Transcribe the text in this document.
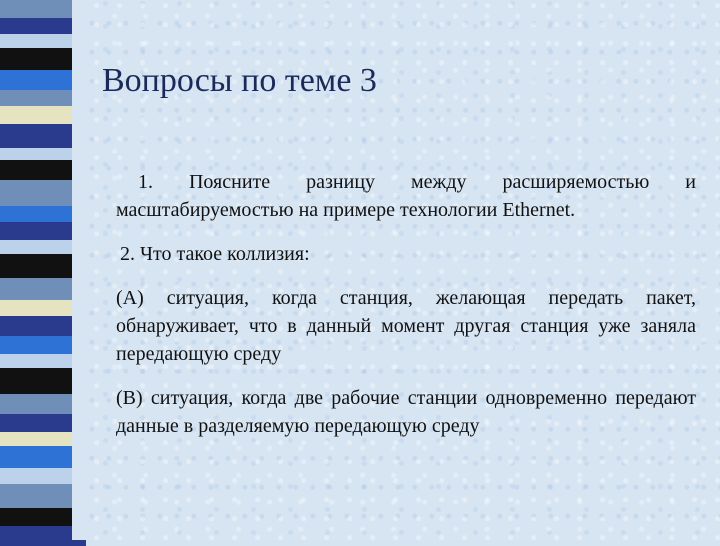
Вопросы по теме 3

1. Поясните разницу между расширяемостью и масштабируемостью на примере технологии Ethernet.

2. Что такое коллизия:

(А) ситуация, когда станция, желающая передать пакет, обнаруживает, что в данный момент другая станция уже заняла передающую среду

(В) ситуация, когда две рабочие станции одновременно передают данные в разделяемую передающую среду
